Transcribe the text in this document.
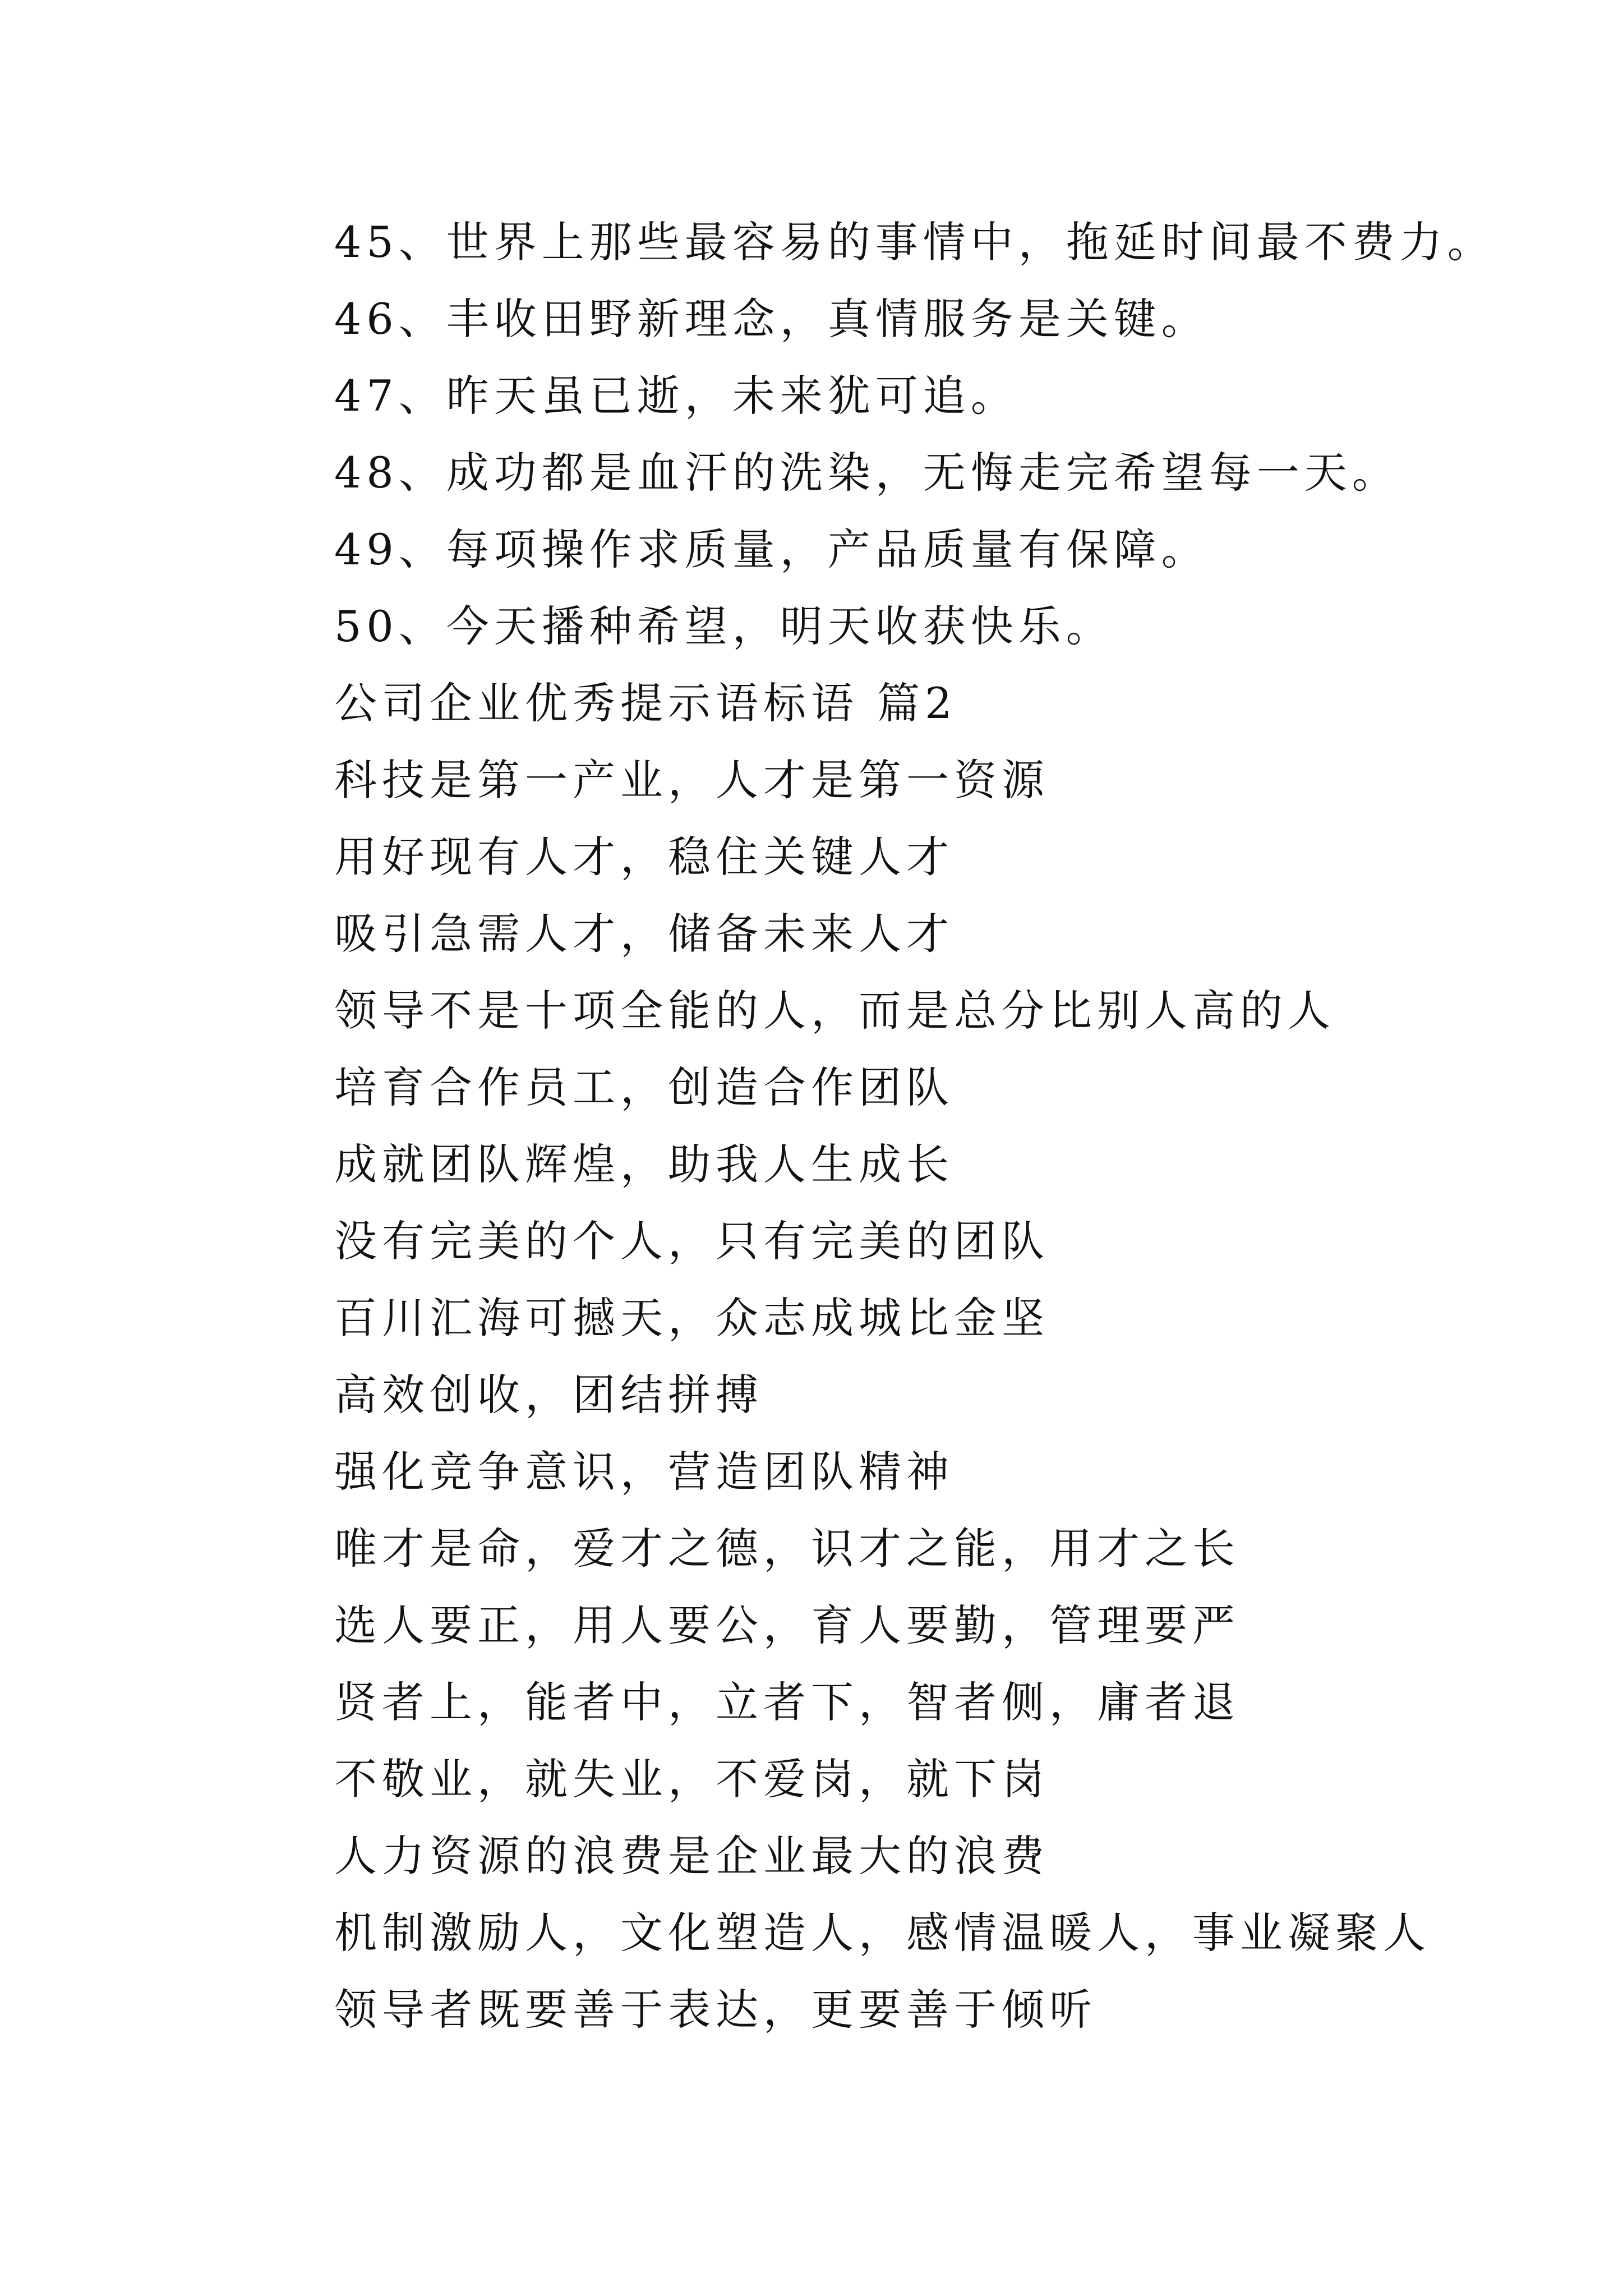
45、世界上那些最容易的事情中，拖延时间最不费力。
46、丰收田野新理念，真情服务是关键。
47、昨天虽已逝，未来犹可追。
48、成功都是血汗的洗染，无悔走完希望每一天。
49、每项操作求质量，产品质量有保障。
50、今天播种希望，明天收获快乐。
公司企业优秀提示语标语 篇2
科技是第一产业，人才是第一资源
用好现有人才，稳住关键人才
吸引急需人才，储备未来人才
领导不是十项全能的人，而是总分比别人高的人
培育合作员工，创造合作团队
成就团队辉煌，助我人生成长
没有完美的个人，只有完美的团队
百川汇海可撼天，众志成城比金坚
高效创收，团结拼搏
强化竞争意识，营造团队精神
唯才是命，爱才之德，识才之能，用才之长
选人要正，用人要公，育人要勤，管理要严
贤者上，能者中，立者下，智者侧，庸者退
不敬业，就失业，不爱岗，就下岗
人力资源的浪费是企业最大的浪费
机制激励人，文化塑造人，感情温暖人，事业凝聚人
领导者既要善于表达，更要善于倾听
